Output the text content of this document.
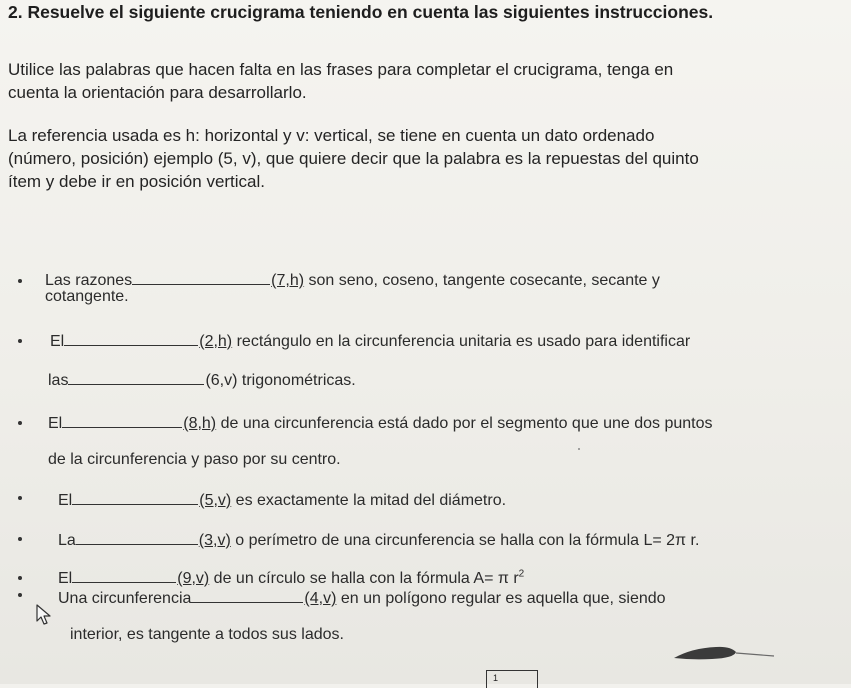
2. Resuelve el siguiente crucigrama teniendo en cuenta las siguientes instrucciones.
Utilice las palabras que hacen falta en las frases para completar el crucigrama, tenga en
cuenta la orientación para desarrollarlo.
La referencia usada es h: horizontal y v: vertical, se tiene en cuenta un dato ordenado
(número, posición) ejemplo (5, v), que quiere decir que la palabra es la repuestas del quinto
ítem y debe ir en posición vertical.
Las razones	(7,h) son seno, coseno, tangente cosecante, secante y
cotangente.
El	(2,h) rectángulo en la circunferencia unitaria es usado para identificar
las	(6,v) trigonométricas.
El	(8,h) de una circunferencia está dado por el segmento que une dos puntos
de la circunferencia y paso por su centro.
El	(5,v) es exactamente la mitad del diámetro.
La	(3,v) o perímetro de una circunferencia se halla con la fórmula L= 2π r.
El	(9,v) de un círculo se halla con la fórmula A= π $r^2$
Una circunferencia	(4,v) en un polígono regular es aquella que, siendo
interior, es tangente a todos sus lados.
1
